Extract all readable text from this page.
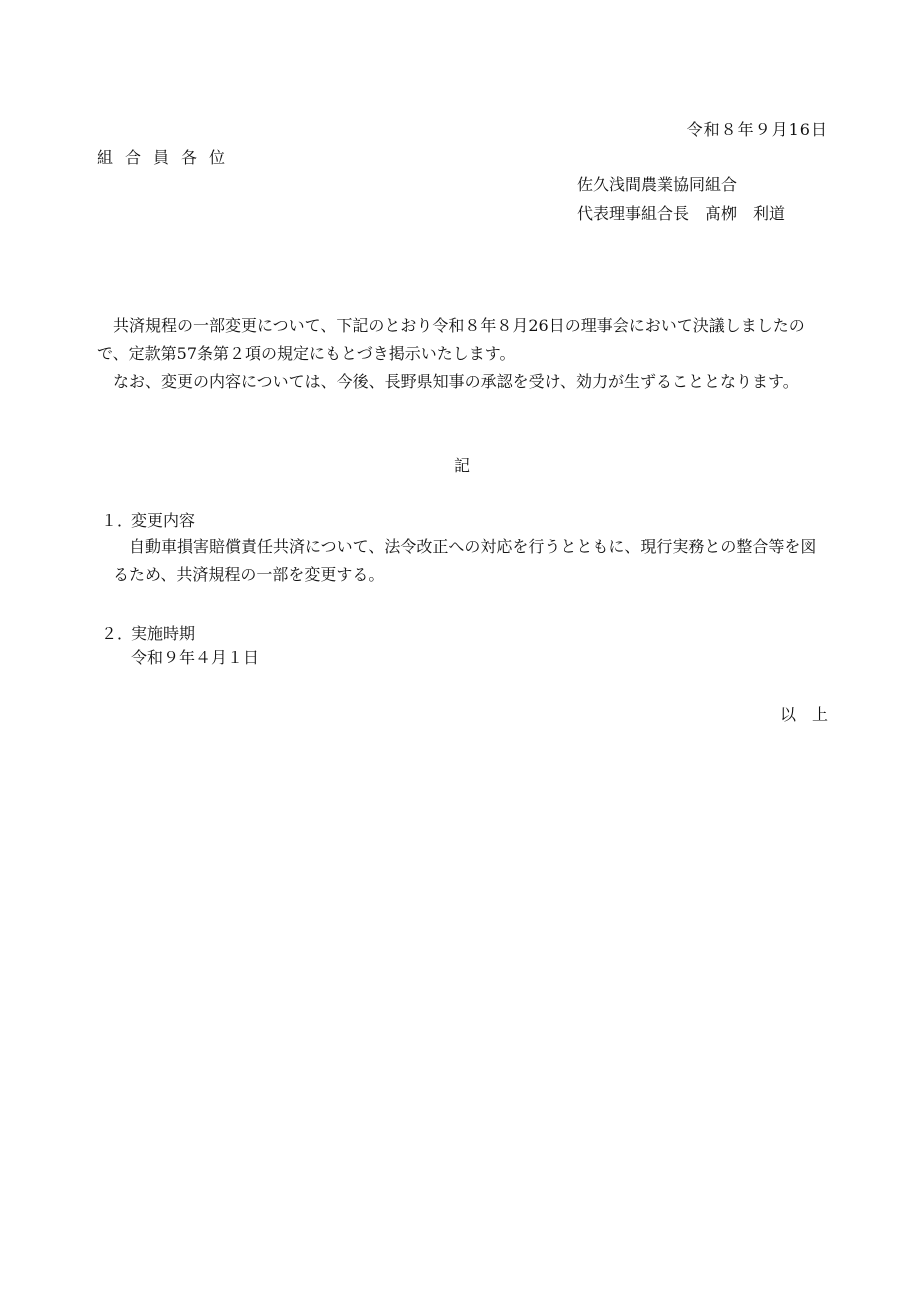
令和８年９月16日
組合員各位
佐久浅間農業協同組合
代表理事組合長　髙栁　利道

共済規程の一部変更について、下記のとおり令和８年８月26日の理事会において決議しましたので、定款第57条第２項の規定にもとづき掲示いたします。

なお、変更の内容については、今後、長野県知事の承認を受け、効力が生ずることとなります。

記
１．変更内容

自動車損害賠償責任共済について、法令改正への対応を行うとともに、現行実務との整合等を図るため、共済規程の一部を変更する。

２．実施時期

令和９年４月１日

以上
